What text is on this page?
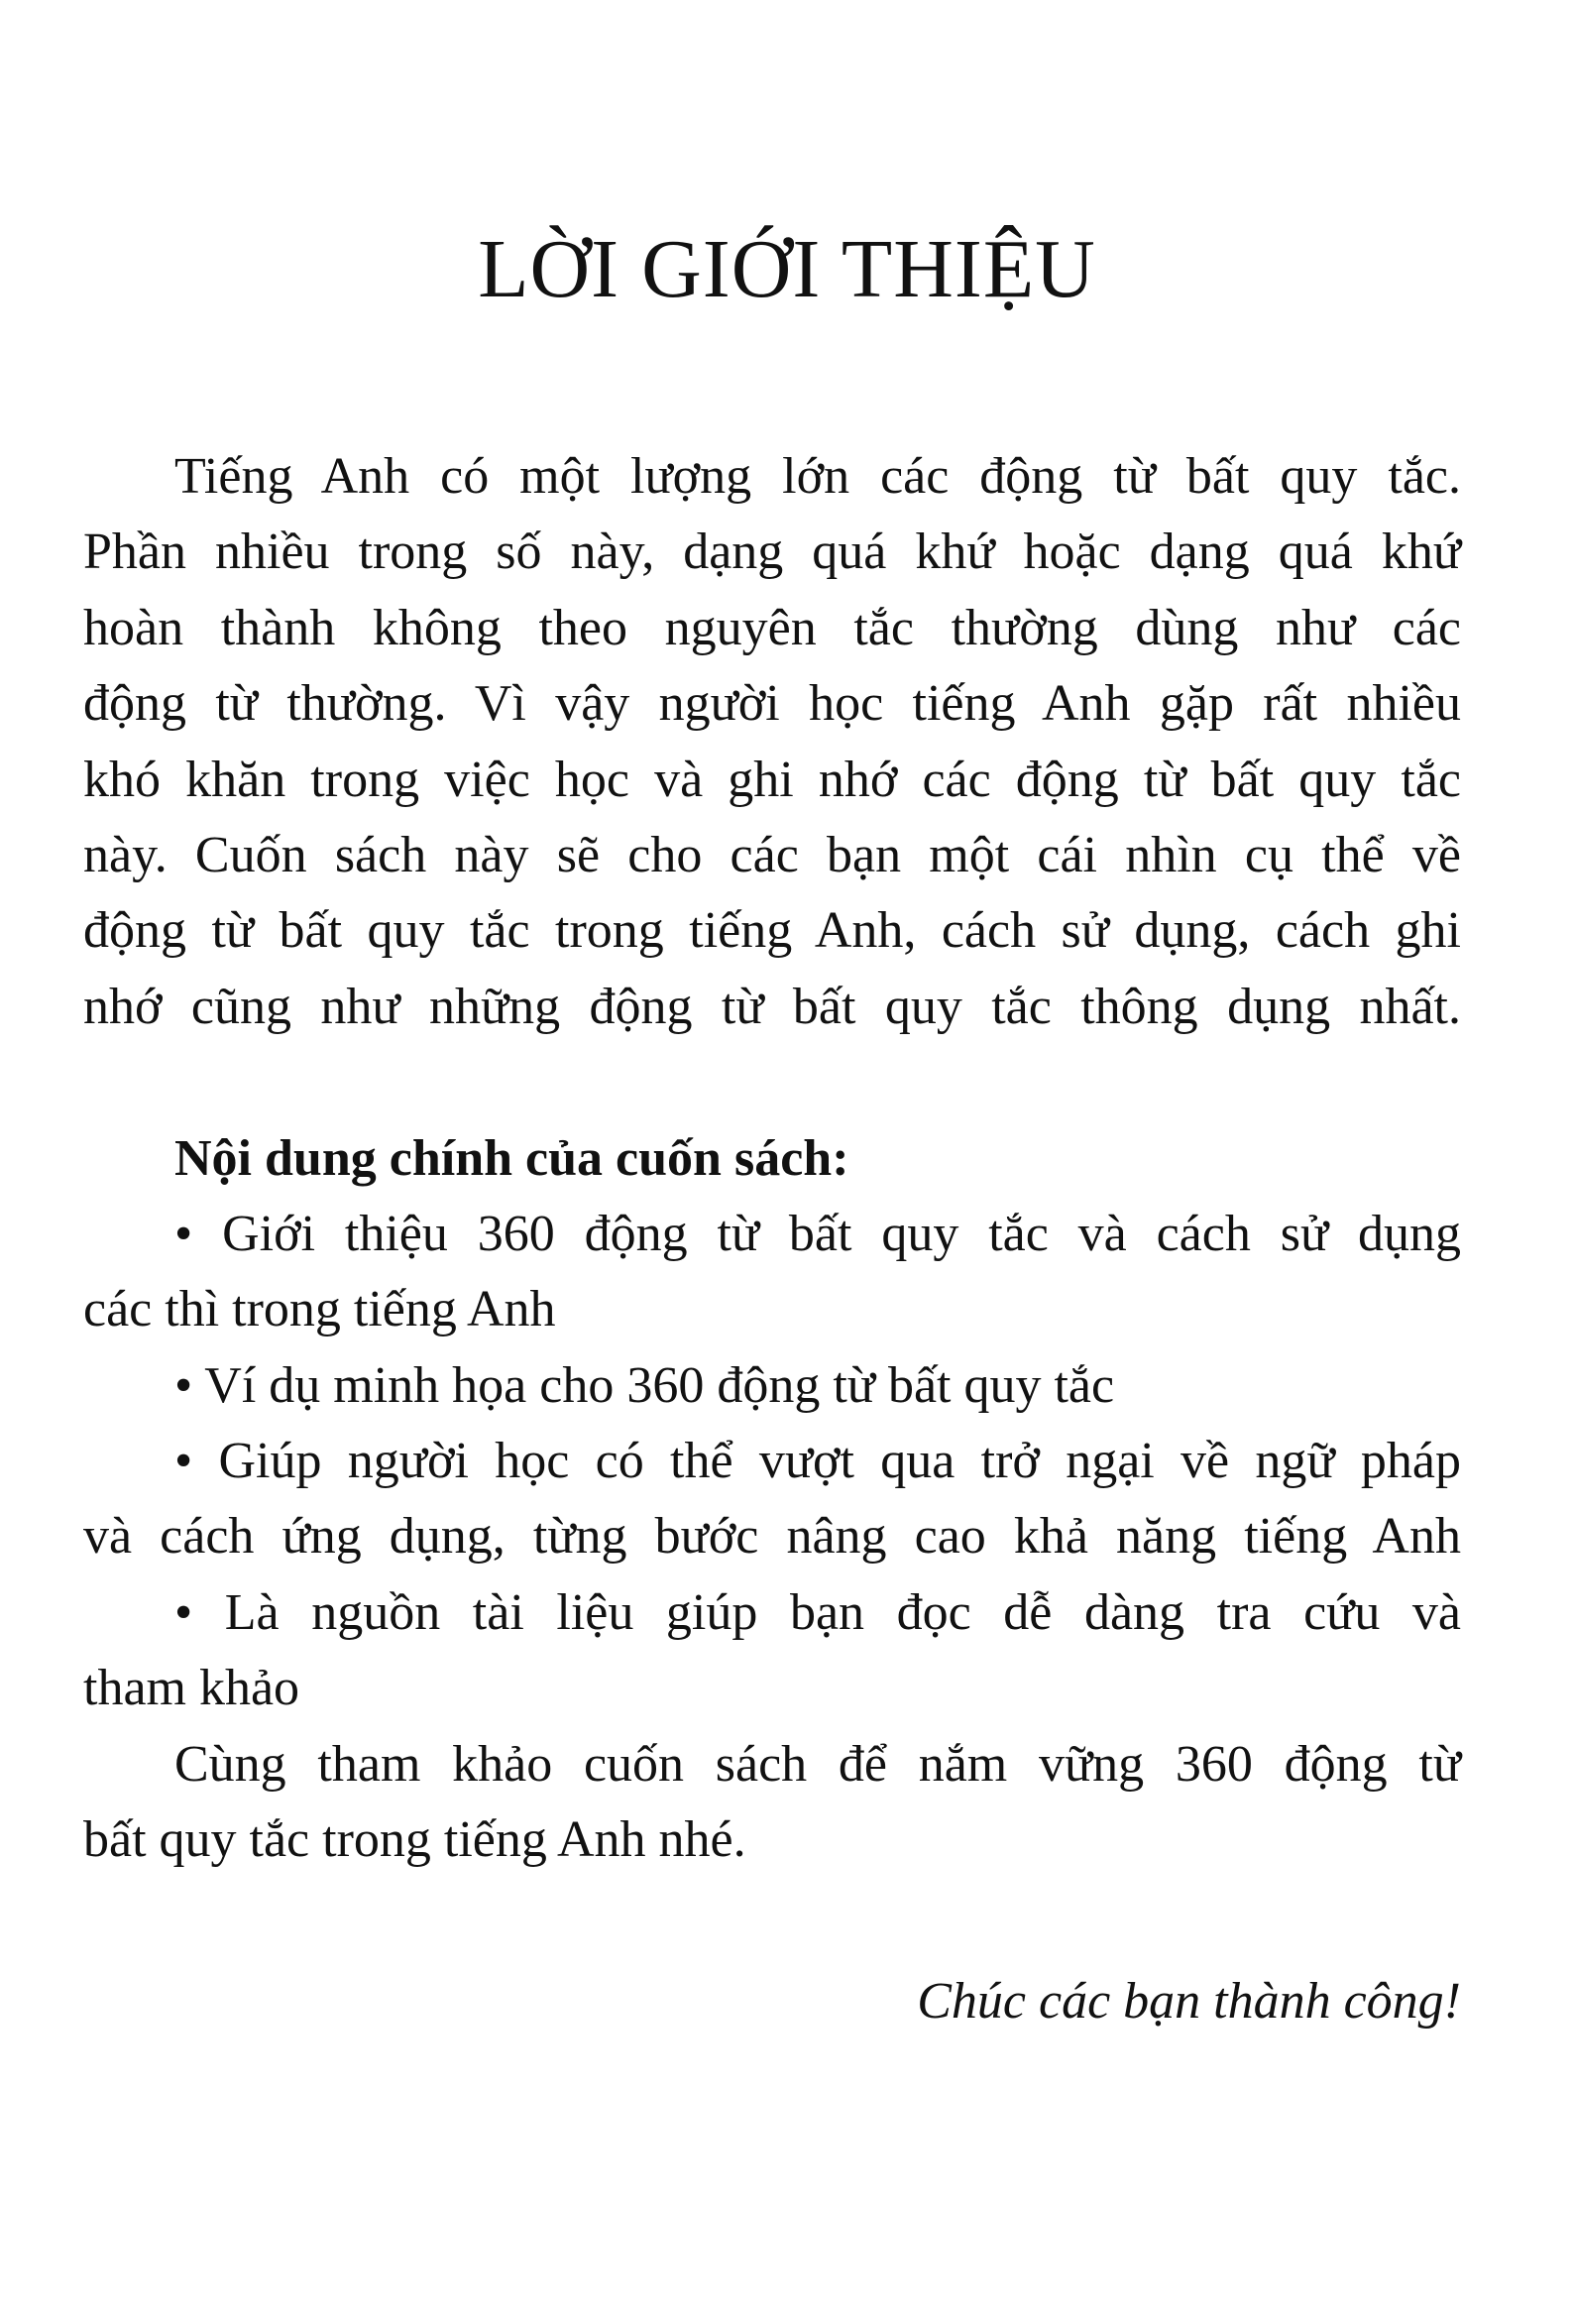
LỜI GIỚI THIỆU
Tiếng Anh có một lượng lớn các động từ bất quy tắc.
Phần nhiều trong số này, dạng quá khứ hoặc dạng quá khứ
hoàn thành không theo nguyên tắc thường dùng như các
động từ thường. Vì vậy người học tiếng Anh gặp rất nhiều
khó khăn trong việc học và ghi nhớ các động từ bất quy tắc
này. Cuốn sách này sẽ cho các bạn một cái nhìn cụ thể về
động từ bất quy tắc trong tiếng Anh, cách sử dụng, cách ghi
nhớ cũng như những động từ bất quy tắc thông dụng nhất.
Nội dung chính của cuốn sách:
• Giới thiệu 360 động từ bất quy tắc và cách sử dụng
các thì trong tiếng Anh
• Ví dụ minh họa cho 360 động từ bất quy tắc
• Giúp người học có thể vượt qua trở ngại về ngữ pháp
và cách ứng dụng, từng bước nâng cao khả năng tiếng Anh
• Là nguồn tài liệu giúp bạn đọc dễ dàng tra cứu và
tham khảo
Cùng tham khảo cuốn sách để nắm vững 360 động từ
bất quy tắc trong tiếng Anh nhé.
Chúc các bạn thành công!
